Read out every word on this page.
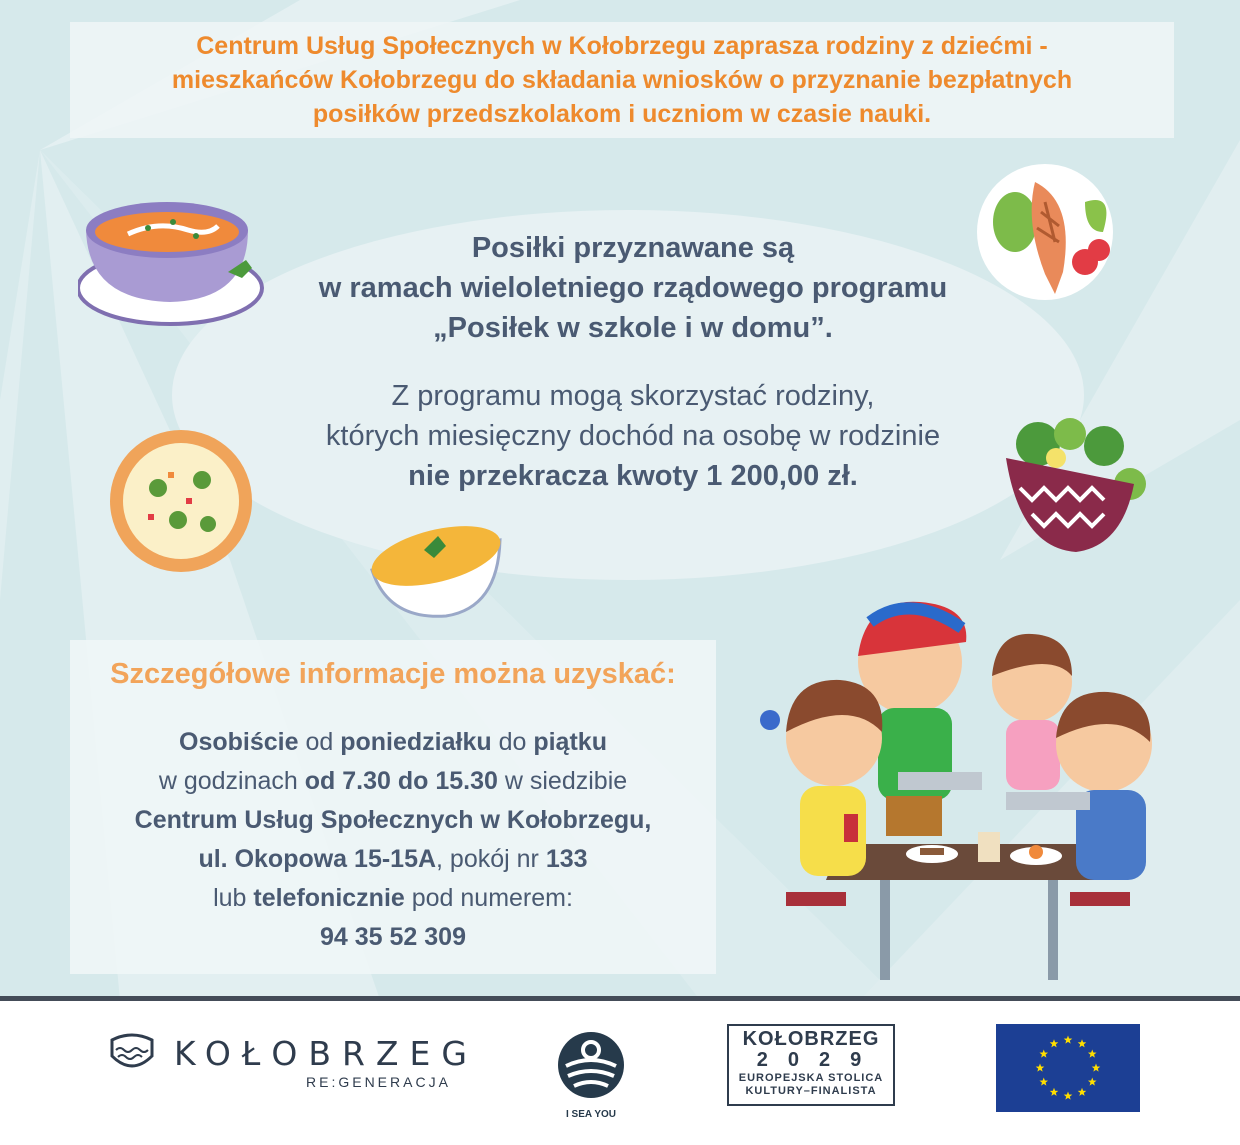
Centrum Usług Społecznych w Kołobrzegu zaprasza rodziny z dziećmi -

mieszkańców Kołobrzegu do składania wniosków o przyznanie bezpłatnych

posiłków przedszkolakom i uczniom w czasie nauki.

Posiłki przyznawane są

w ramach wieloletniego rządowego programu

„Posiłek w szkole i w domu”.

Z programu mogą skorzystać rodziny,

których miesięczny dochód na osobę w rodzinie

nie przekracza kwoty 1 200,00 zł.

Szczegółowe informacje można uzyskać:

Osobiście od poniedziałku do piątku

w godzinach od 7.30 do 15.30 w siedzibie

Centrum Usług Społecznych w Kołobrzegu,

ul. Okopowa 15-15A, pokój nr 133

lub telefonicznie pod numerem:

94 35 52 309

KOŁOBRZEG
RE:GENERACJA
I SEA YOU
KOŁOBRZEG
2029
EUROPEJSKA STOLICA
KULTURY–FINALISTA
